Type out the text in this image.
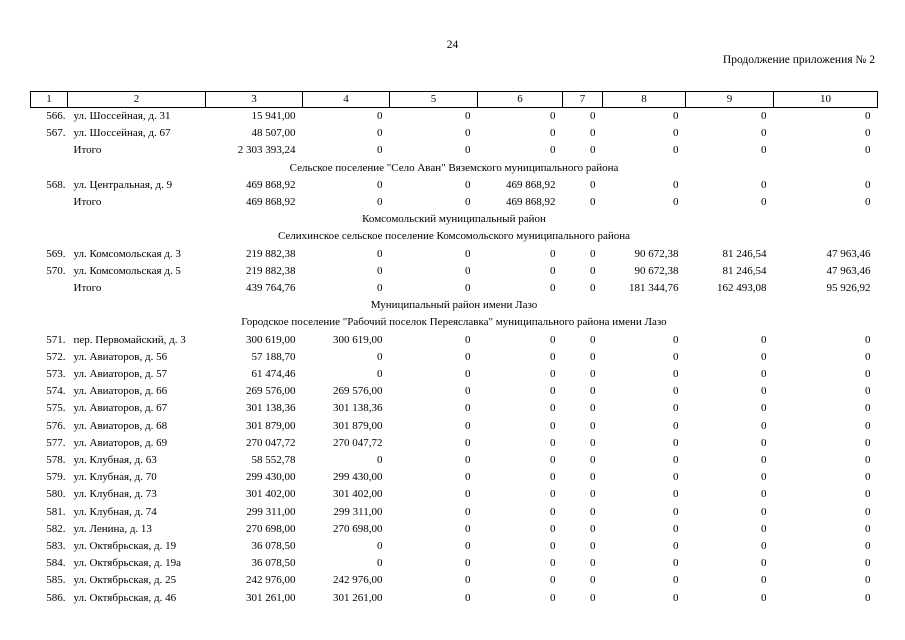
24
Продолжение приложения № 2
1	2	3	4	5	6	7	8	9	10
566.	ул. Шоссейная, д. 31	15 941,00	0	0	0	0	0	0	0
567.	ул. Шоссейная, д. 67	48 507,00	0	0	0	0	0	0	0
	Итого	2 303 393,24	0	0	0	0	0	0	0
Сельское поселение "Село Аван" Вяземского муниципального района									
568.	ул. Центральная, д. 9	469 868,92	0	0	469 868,92	0	0	0	0
	Итого	469 868,92	0	0	469 868,92	0	0	0	0
Комсомольский муниципальный район									
Селихинское сельское поселение Комсомольского муниципального района									
569.	ул. Комсомольская д. 3	219 882,38	0	0	0	0	90 672,38	81 246,54	47 963,46
570.	ул. Комсомольская д. 5	219 882,38	0	0	0	0	90 672,38	81 246,54	47 963,46
	Итого	439 764,76	0	0	0	0	181 344,76	162 493,08	95 926,92
Муниципальный район имени Лазо									
Городское поселение "Рабочий поселок Переяславка" муниципального района имени Лазо									
571.	пер. Первомайский, д. 3	300 619,00	300 619,00	0	0	0	0	0	0
572.	ул. Авиаторов, д. 56	57 188,70	0	0	0	0	0	0	0
573.	ул. Авиаторов, д. 57	61 474,46	0	0	0	0	0	0	0
574.	ул. Авиаторов, д. 66	269 576,00	269 576,00	0	0	0	0	0	0
575.	ул. Авиаторов, д. 67	301 138,36	301 138,36	0	0	0	0	0	0
576.	ул. Авиаторов, д. 68	301 879,00	301 879,00	0	0	0	0	0	0
577.	ул. Авиаторов, д. 69	270 047,72	270 047,72	0	0	0	0	0	0
578.	ул. Клубная, д. 63	58 552,78	0	0	0	0	0	0	0
579.	ул. Клубная, д. 70	299 430,00	299 430,00	0	0	0	0	0	0
580.	ул. Клубная, д. 73	301 402,00	301 402,00	0	0	0	0	0	0
581.	ул. Клубная, д. 74	299 311,00	299 311,00	0	0	0	0	0	0
582.	ул. Ленина, д. 13	270 698,00	270 698,00	0	0	0	0	0	0
583.	ул. Октябрьская, д. 19	36 078,50	0	0	0	0	0	0	0
584.	ул. Октябрьская, д. 19а	36 078,50	0	0	0	0	0	0	0
585.	ул. Октябрьская, д. 25	242 976,00	242 976,00	0	0	0	0	0	0
586.	ул. Октябрьская, д. 46	301 261,00	301 261,00	0	0	0	0	0	0
